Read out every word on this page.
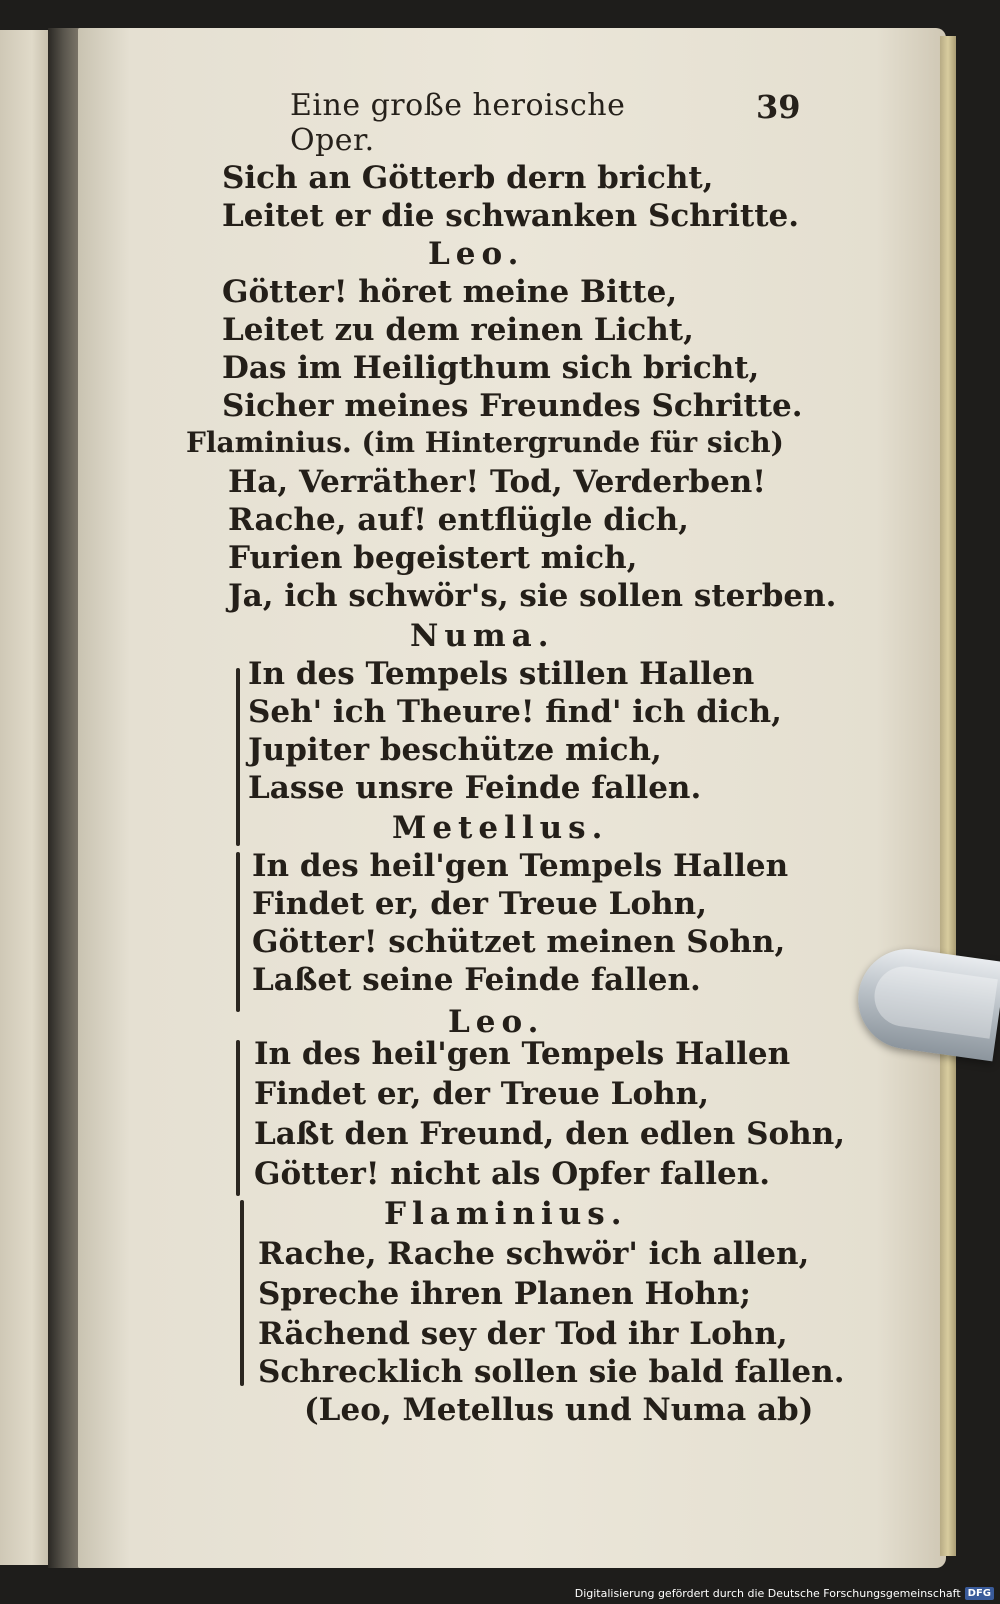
Eine große heroische Oper.
39
Sich an Götterb dern bricht,
Leitet er die schwanken Schritte.
Leo.
Götter! höret meine Bitte,
Leitet zu dem reinen Licht,
Das im Heiligthum sich bricht,
Sicher meines Freundes Schritte.
Flaminius. (im Hintergrunde für sich)
Ha, Verräther! Tod, Verderben!
Rache, auf! entflügle dich,
Furien begeistert mich,
Ja, ich schwör's, sie sollen sterben.
Numa.
In des Tempels stillen Hallen
Seh' ich Theure! find' ich dich,
Jupiter beschütze mich,
Lasse unsre Feinde fallen.
Metellus.
In des heil'gen Tempels Hallen
Findet er, der Treue Lohn,
Götter! schützet meinen Sohn,
Laßet seine Feinde fallen.
Leo.
In des heil'gen Tempels Hallen
Findet er, der Treue Lohn,
Laßt den Freund, den edlen Sohn,
Götter! nicht als Opfer fallen.
Flaminius.
Rache, Rache schwör' ich allen,
Spreche ihren Planen Hohn;
Rächend sey der Tod ihr Lohn,
Schrecklich sollen sie bald fallen.
(Leo, Metellus und Numa ab)
Digitalisierung gefördert durch die Deutsche Forschungsgemeinschaft DFG
